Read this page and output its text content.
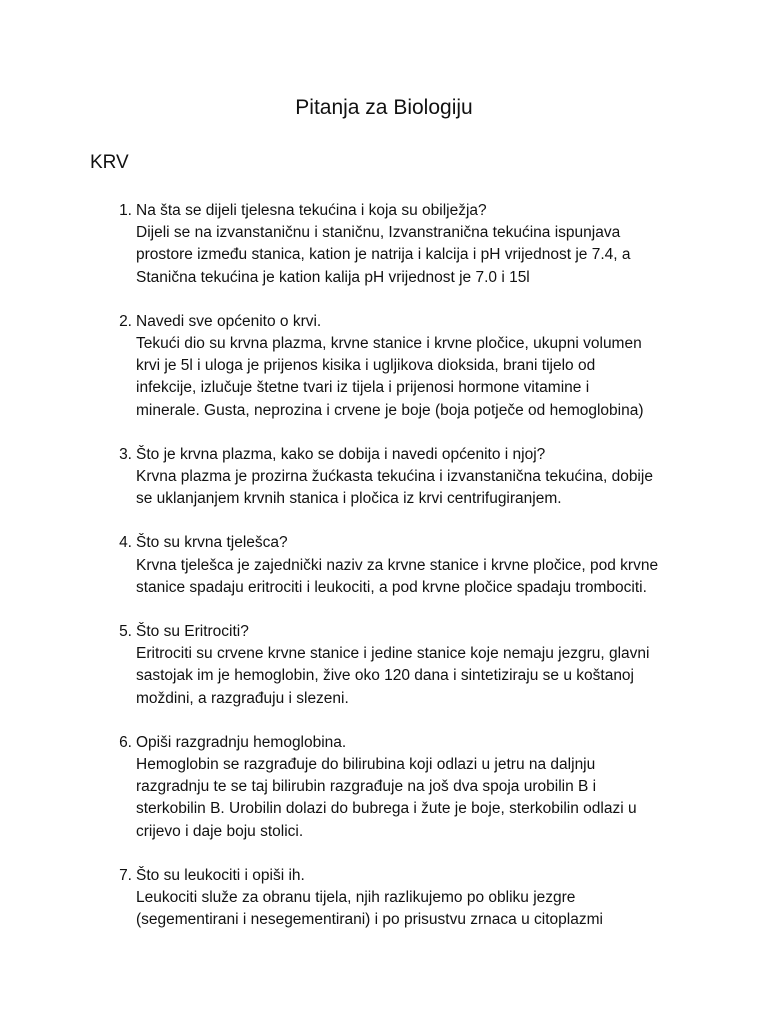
Pitanja za Biologiju
KRV
1. Na šta se dijeli tjelesna tekućina i koja su obilježja?
Dijeli se na izvanstaničnu i staničnu, Izvanstranična tekućina ispunjava
prostore između stanica, kation je natrija i kalcija i pH vrijednost je 7.4, a
Stanična tekućina je kation kalija pH vrijednost je 7.0 i 15l
2. Navedi sve općenito o krvi.
Tekući dio su krvna plazma, krvne stanice i krvne pločice, ukupni volumen
krvi je 5l i uloga je prijenos kisika i ugljikova dioksida, brani tijelo od
infekcije, izlučuje štetne tvari iz tijela i prijenosi hormone vitamine i
minerale. Gusta, neprozina i crvene je boje (boja potječe od hemoglobina)
3. Što je krvna plazma, kako se dobija i navedi općenito i njoj?
Krvna plazma je prozirna žućkasta tekućina i izvanstanična tekućina, dobije
se uklanjanjem krvnih stanica i pločica iz krvi centrifugiranjem.
4. Što su krvna tjelešca?
Krvna tjelešca je zajednički naziv za krvne stanice i krvne pločice, pod krvne
stanice spadaju eritrociti i leukociti, a pod krvne pločice spadaju trombociti.
5. Što su Eritrociti?
Eritrociti su crvene krvne stanice i jedine stanice koje nemaju jezgru, glavni
sastojak im je hemoglobin, žive oko 120 dana i sintetiziraju se u koštanoj
moždini, a razgrađuju i slezeni.
6. Opiši razgradnju hemoglobina.
Hemoglobin se razgrađuje do bilirubina koji odlazi u jetru na daljnju
razgradnju te se taj bilirubin razgrađuje na još dva spoja urobilin B i
sterkobilin B. Urobilin dolazi do bubrega i žute je boje, sterkobilin odlazi u
crijevo i daje boju stolici.
7. Što su leukociti i opiši ih.
Leukociti služe za obranu tijela, njih razlikujemo po obliku jezgre
(segementirani i nesegementirani) i po prisustvu zrnaca u citoplazmi
